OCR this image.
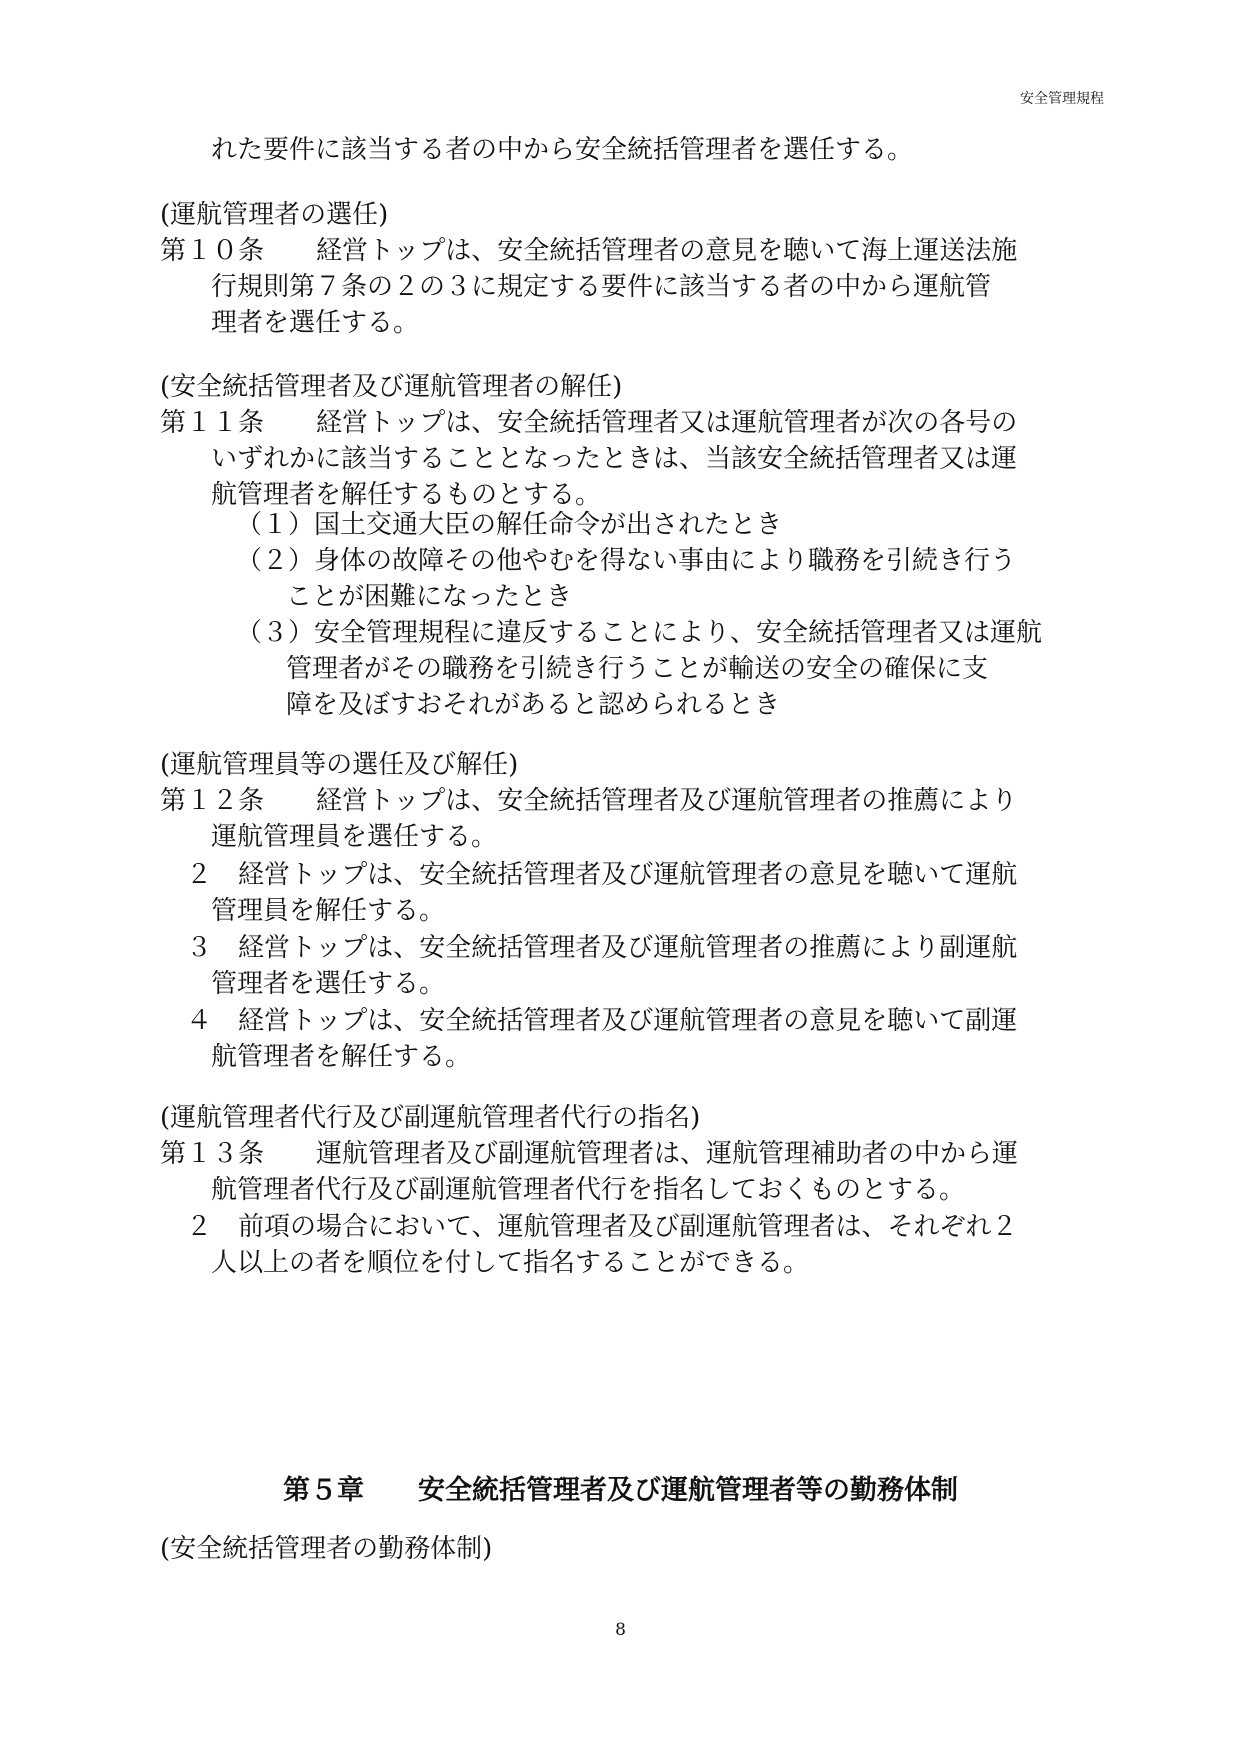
安全管理規程
れた要件に該当する者の中から安全統括管理者を選任する。
(運航管理者の選任)
第１０条　　経営トップは、安全統括管理者の意見を聴いて海上運送法施
行規則第７条の２の３に規定する要件に該当する者の中から運航管
理者を選任する。
(安全統括管理者及び運航管理者の解任)
第１１条　　経営トップは、安全統括管理者又は運航管理者が次の各号の
いずれかに該当することとなったときは、当該安全統括管理者又は運
航管理者を解任するものとする。
（１）国土交通大臣の解任命令が出されたとき
（２）身体の故障その他やむを得ない事由により職務を引続き行う
ことが困難になったとき
（３）安全管理規程に違反することにより、安全統括管理者又は運航
管理者がその職務を引続き行うことが輸送の安全の確保に支
障を及ぼすおそれがあると認められるとき
(運航管理員等の選任及び解任)
第１２条　　経営トップは、安全統括管理者及び運航管理者の推薦により
運航管理員を選任する。
２　経営トップは、安全統括管理者及び運航管理者の意見を聴いて運航
管理員を解任する。
３　経営トップは、安全統括管理者及び運航管理者の推薦により副運航
管理者を選任する。
４　経営トップは、安全統括管理者及び運航管理者の意見を聴いて副運
航管理者を解任する。
(運航管理者代行及び副運航管理者代行の指名)
第１３条　　運航管理者及び副運航管理者は、運航管理補助者の中から運
航管理者代行及び副運航管理者代行を指名しておくものとする。
２　前項の場合において、運航管理者及び副運航管理者は、それぞれ２
人以上の者を順位を付して指名することができる。
第５章　　安全統括管理者及び運航管理者等の勤務体制
(安全統括管理者の勤務体制)
8
